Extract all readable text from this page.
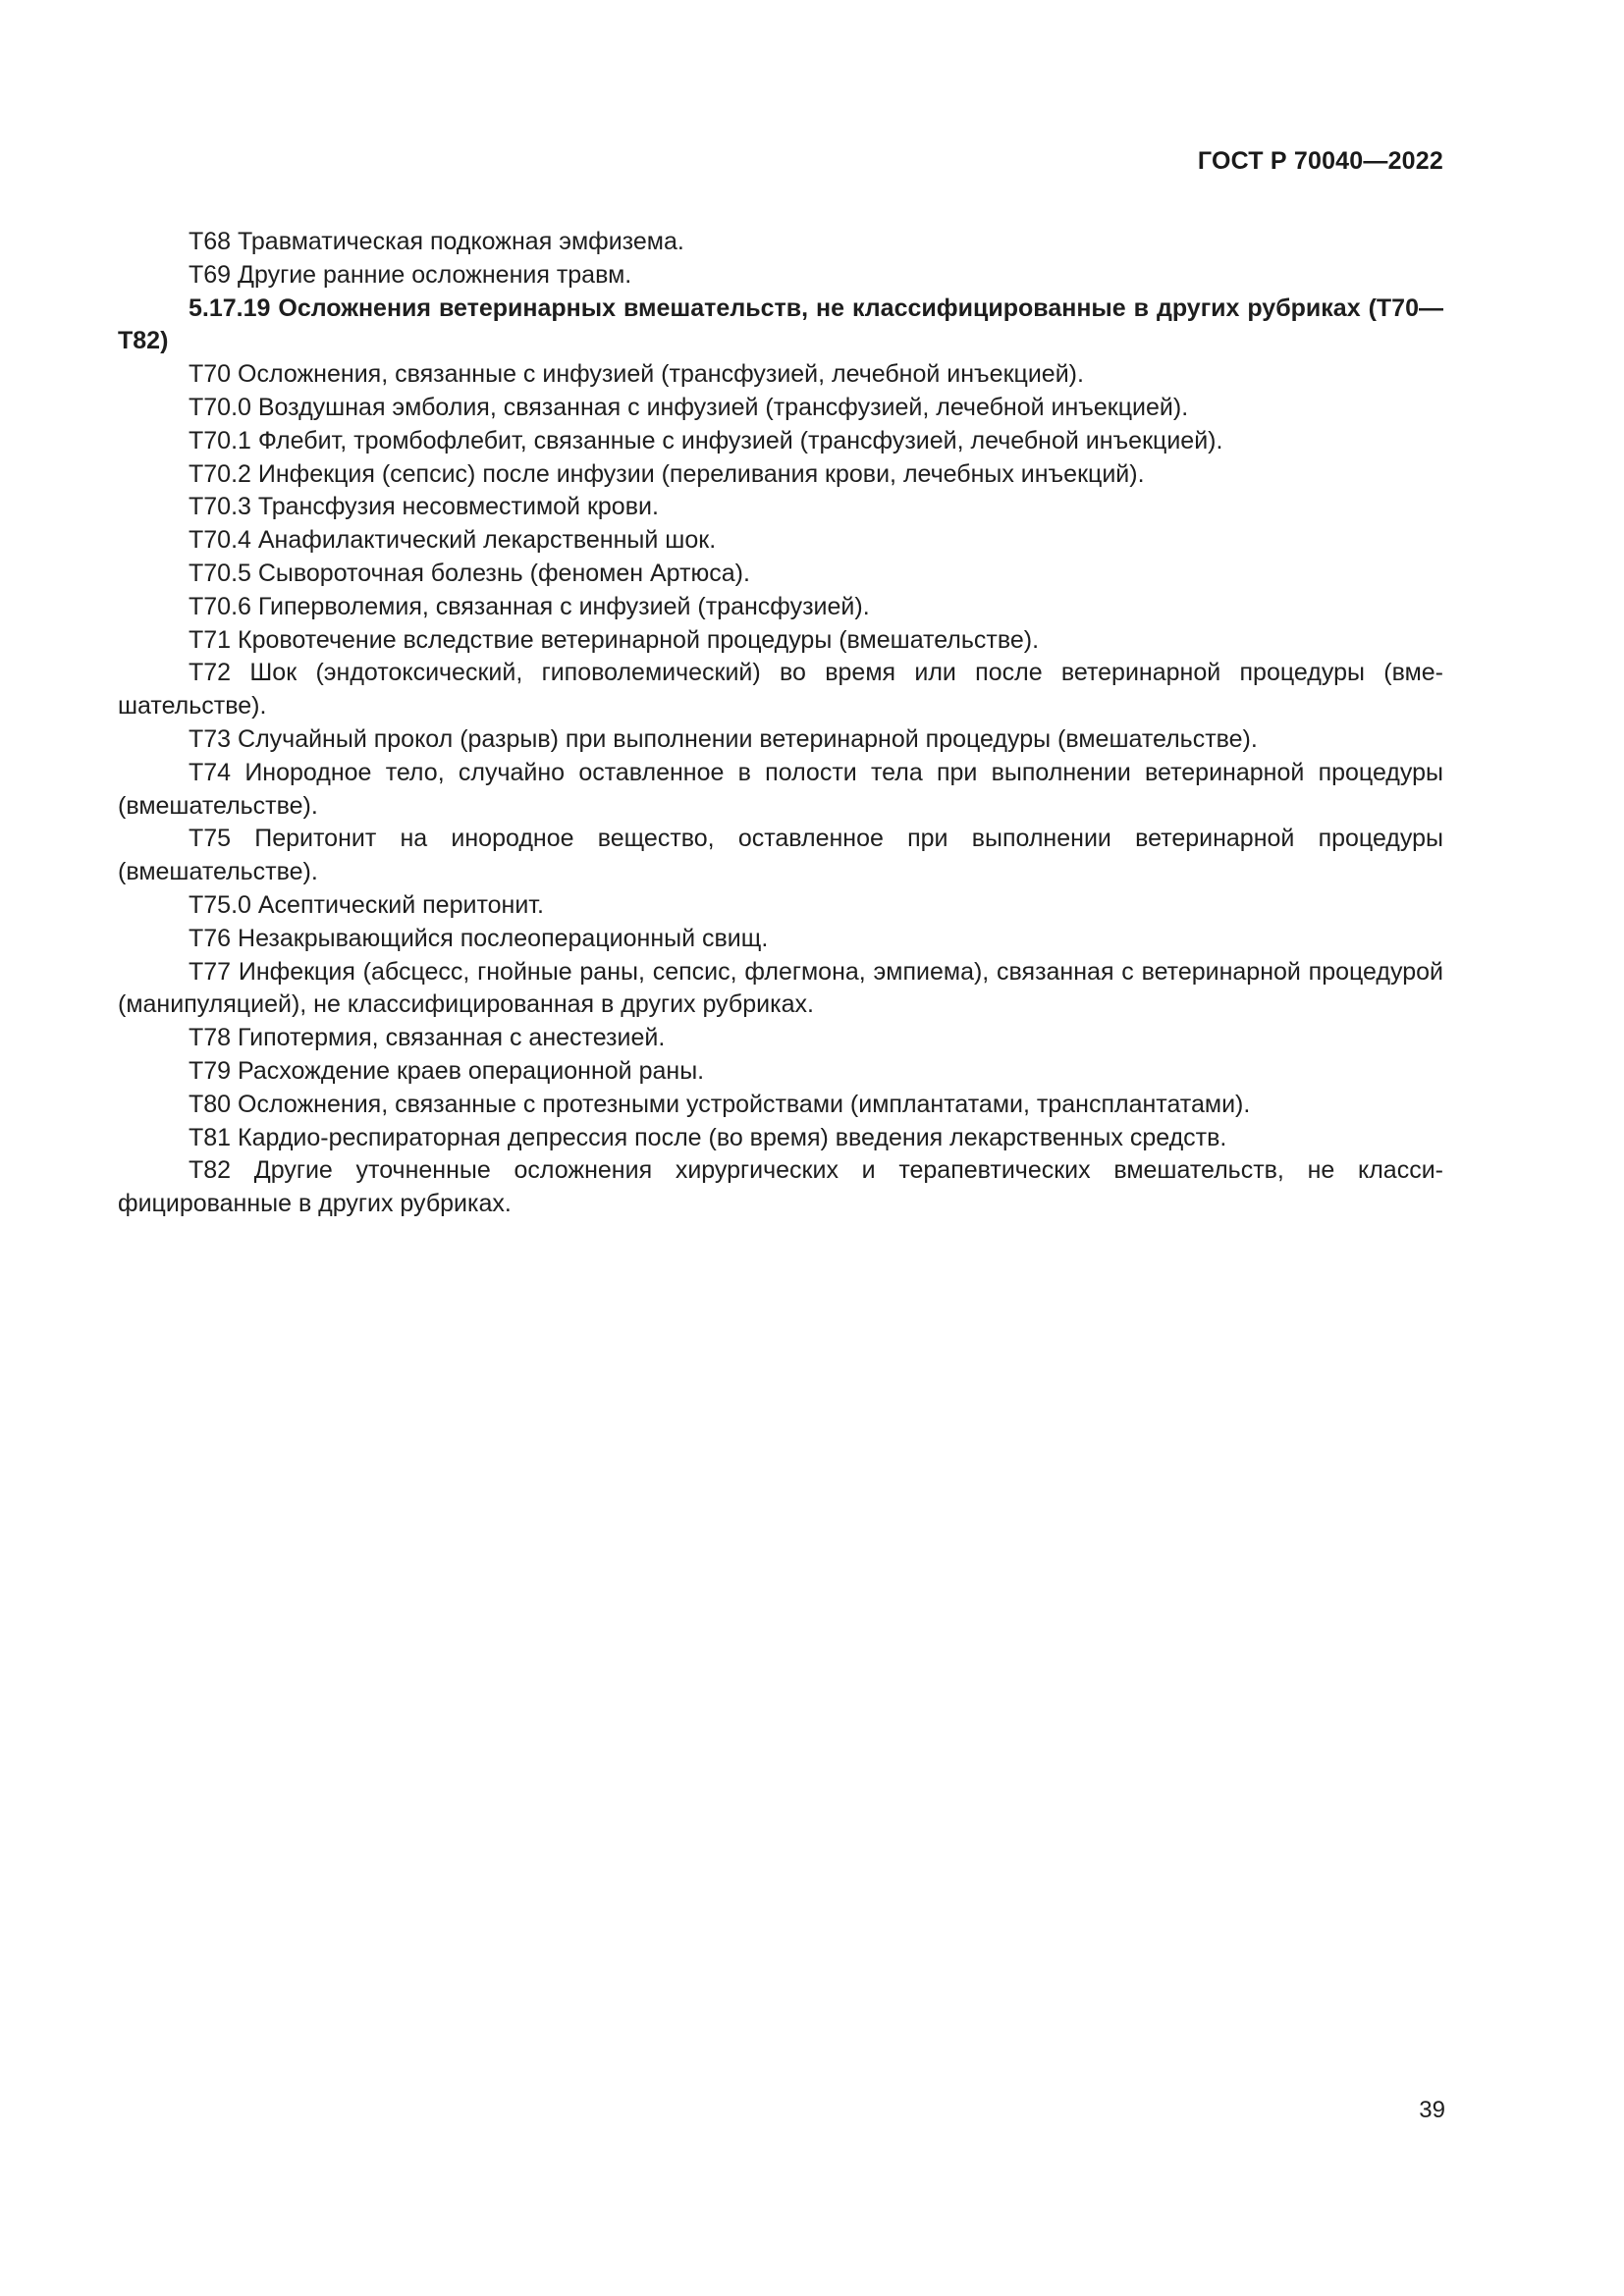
ГОСТ Р 70040—2022

T68 Травматическая подкожная эмфизема.

T69 Другие ранние осложнения травм.

5.17.19 Осложнения ветеринарных вмешательств, не классифицированные в других рубриках (T70—T82)

T70 Осложнения, связанные с инфузией (трансфузией, лечебной инъекцией).

T70.0 Воздушная эмболия, связанная с инфузией (трансфузией, лечебной инъекцией).

T70.1 Флебит, тромбофлебит, связанные с инфузией (трансфузией, лечебной инъекцией).

T70.2 Инфекция (сепсис) после инфузии (переливания крови, лечебных инъекций).

T70.3 Трансфузия несовместимой крови.

T70.4 Анафилактический лекарственный шок.

T70.5 Сывороточная болезнь (феномен Артюса).

T70.6 Гиперволемия, связанная с инфузией (трансфузией).

T71 Кровотечение вследствие ветеринарной процедуры (вмешательстве).

T72 Шок (эндотоксический, гиповолемический) во время или после ветеринарной процедуры (вмешательстве).

T73 Случайный прокол (разрыв) при выполнении ветеринарной процедуры (вмешательстве).

T74 Инородное тело, случайно оставленное в полости тела при выполнении ветеринарной процедуры (вмешательстве).

T75 Перитонит на инородное вещество, оставленное при выполнении ветеринарной процедуры (вмешательстве).

T75.0 Асептический перитонит.

T76 Незакрывающийся послеоперационный свищ.

T77 Инфекция (абсцесс, гнойные раны, сепсис, флегмона, эмпиема), связанная с ветеринарной процедурой (манипуляцией), не классифицированная в других рубриках.

T78 Гипотермия, связанная с анестезией.

T79 Расхождение краев операционной раны.

T80 Осложнения, связанные с протезными устройствами (имплантатами, трансплантатами).

T81 Кардио-респираторная депрессия после (во время) введения лекарственных средств.

T82 Другие уточненные осложнения хирургических и терапевтических вмешательств, не классифицированные в других рубриках.

39
